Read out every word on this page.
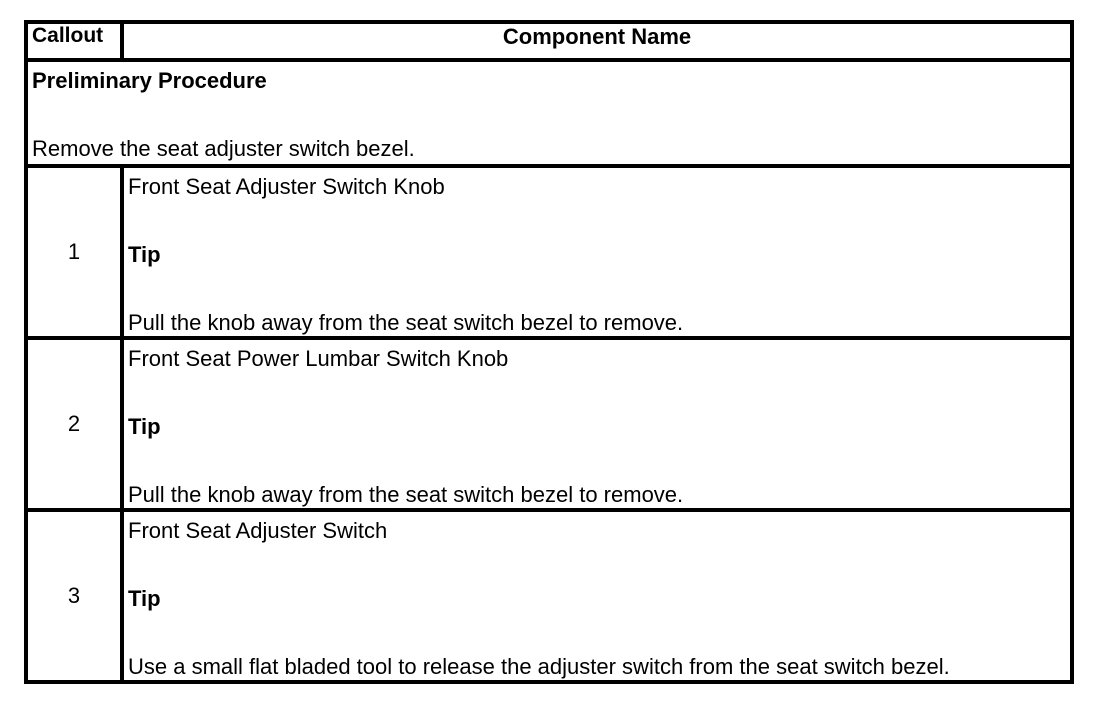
Callout	Component Name

Preliminary Procedure
Remove the seat adjuster switch bezel.	

1	Front Seat Adjuster Switch Knob
Tip
Pull the knob away from the seat switch bezel to remove.

2	Front Seat Power Lumbar Switch Knob
Tip
Pull the knob away from the seat switch bezel to remove.

3	Front Seat Adjuster Switch
Tip
Use a small flat bladed tool to release the adjuster switch from the seat switch bezel.
